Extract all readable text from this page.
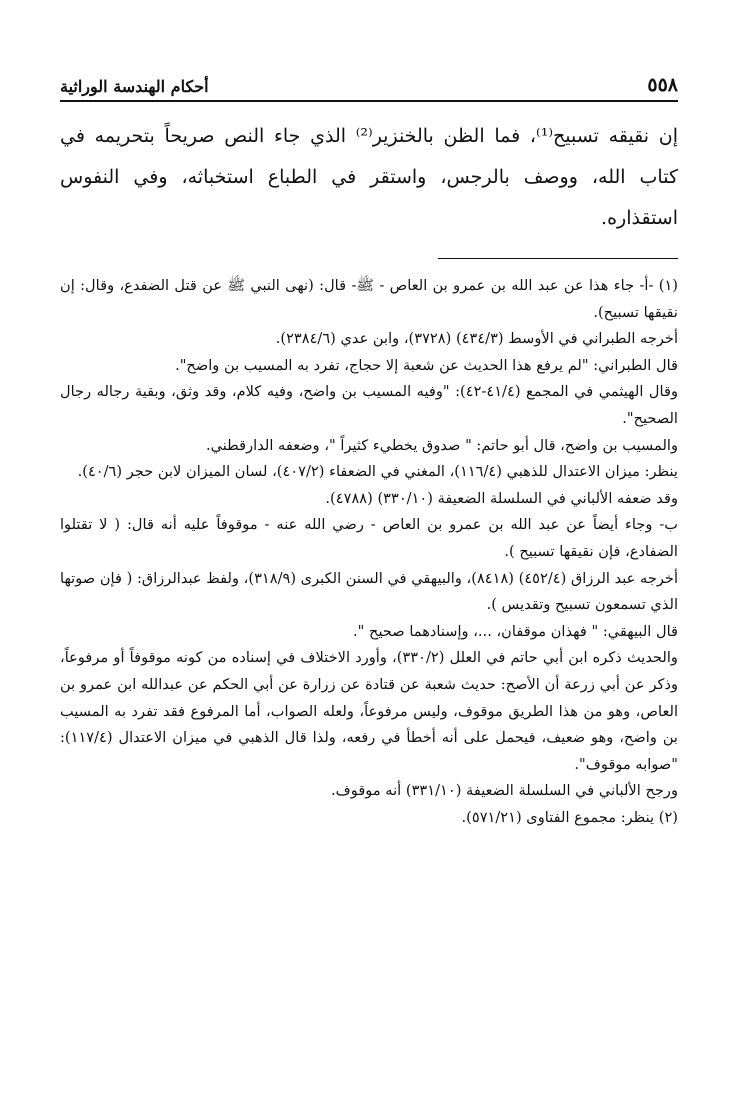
٥٥٨
أحكام الهندسة الوراثية

إن نقيقه تسبيح⁽¹⁾، فما الظن بالخنزير⁽²⁾ الذي جاء النص صريحاً بتحريمه في كتاب الله، ووصف بالرجس، واستقر في الطباع استخباثه، وفي النفوس استقذاره.

(١) -أ- جاء هذا عن عبد الله بن عمرو بن العاص - ﷺ- قال: (نهى النبي ﷺ عن قتل الضفدع، وقال: إن نقيقها تسبيح).

أخرجه الطبراني في الأوسط (٤٣٤/٣) (٣٧٢٨)، وابن عدي (٢٣٨٤/٦).

قال الطبراني: "لم يرفع هذا الحديث عن شعبة إلا حجاج، تفرد به المسيب بن واضح".

وقال الهيثمي في المجمع (٤١/٤-٤٢): "وفيه المسيب بن واضح، وفيه كلام، وقد وثق، وبقية رجاله رجال الصحيح".

والمسيب بن واضح، قال أبو حاتم: " صدوق يخطيء كثيراً "، وضعفه الدارقطني.

ينظر: ميزان الاعتدال للذهبي (١١٦/٤)، المغني في الضعفاء (٤٠٧/٢)، لسان الميزان لابن حجر (٤٠/٦).

وقد ضعفه الألباني في السلسلة الضعيفة (٣٣٠/١٠) (٤٧٨٨).

ب- وجاء أيضاً عن عبد الله بن عمرو بن العاص - رضي الله عنه - موقوفاً عليه أنه قال: ( لا تقتلوا الضفادع، فإن نقيقها تسبيح ).

أخرجه عبد الرزاق (٤٥٢/٤) (٨٤١٨)، والبيهقي في السنن الكبرى (٣١٨/٩)، ولفظ عبدالرزاق: ( فإن صوتها الذي تسمعون تسبيح وتقديس ).

قال البيهقي: " فهذان موقفان، ...، وإسنادهما صحيح ".

والحديث ذكره ابن أبي حاتم في العلل (٣٣٠/٢)، وأورد الاختلاف في إسناده من كونه موقوفاً أو مرفوعاً، وذكر عن أبي زرعة أن الأصح: حديث شعبة عن قتادة عن زرارة عن أبي الحكم عن عبدالله ابن عمرو بن العاص، وهو من هذا الطريق موقوف، وليس مرفوعاً، ولعله الصواب، أما المرفوع فقد تفرد به المسيب بن واضح، وهو ضعيف، فيحمل على أنه أخطأ في رفعه، ولذا قال الذهبي في ميزان الاعتدال (١١٧/٤): "صوابه موقوف".

ورجح الألباني في السلسلة الضعيفة (٣٣١/١٠) أنه موقوف.

(٢) ينظر: مجموع الفتاوى (٥٧١/٢١).
